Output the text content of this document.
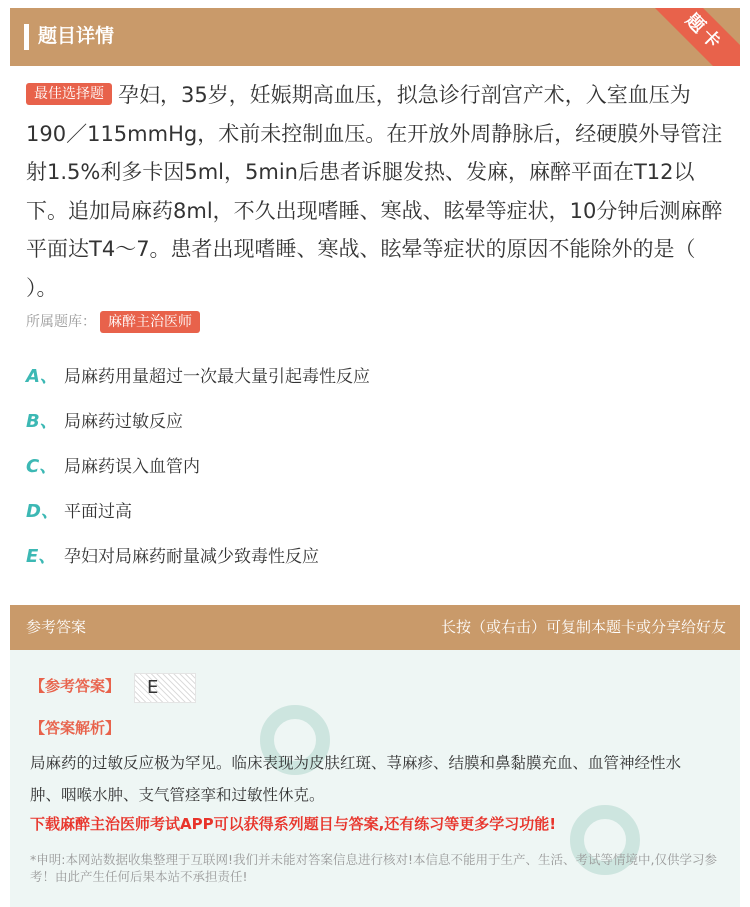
题目详情	题卡
最佳选择题 孕妇，35岁，妊娠期高血压，拟急诊行剖宫产术，入室血压为190／115mmHg，术前未控制血压。在开放外周静脉后，经硬膜外导管注射1.5%利多卡因5ml，5min后患者诉腿发热、发麻，麻醉平面在T12以下。追加局麻药8ml，不久出现嗜睡、寒战、眩晕等症状，10分钟后测麻醉平面达T4～7。患者出现嗜睡、寒战、眩晕等症状的原因不能除外的是（ ）。
所属题库： 麻醉主治医师
A、 局麻药用量超过一次最大量引起毒性反应
B、 局麻药过敏反应
C、 局麻药误入血管内
D、 平面过高
E、 孕妇对局麻药耐量减少致毒性反应
参考答案	长按（或右击）可复制本题卡或分享给好友
【参考答案】	E
【答案解析】
局麻药的过敏反应极为罕见。临床表现为皮肤红斑、荨麻疹、结膜和鼻黏膜充血、血管神经性水肿、咽喉水肿、支气管痉挛和过敏性休克。
下载麻醉主治医师考试APP可以获得系列题目与答案,还有练习等更多学习功能!
*申明:本网站数据收集整理于互联网!我们并未能对答案信息进行核对!本信息不能用于生产、生活、考试等情境中,仅供学习参考！由此产生任何后果本站不承担责任!
